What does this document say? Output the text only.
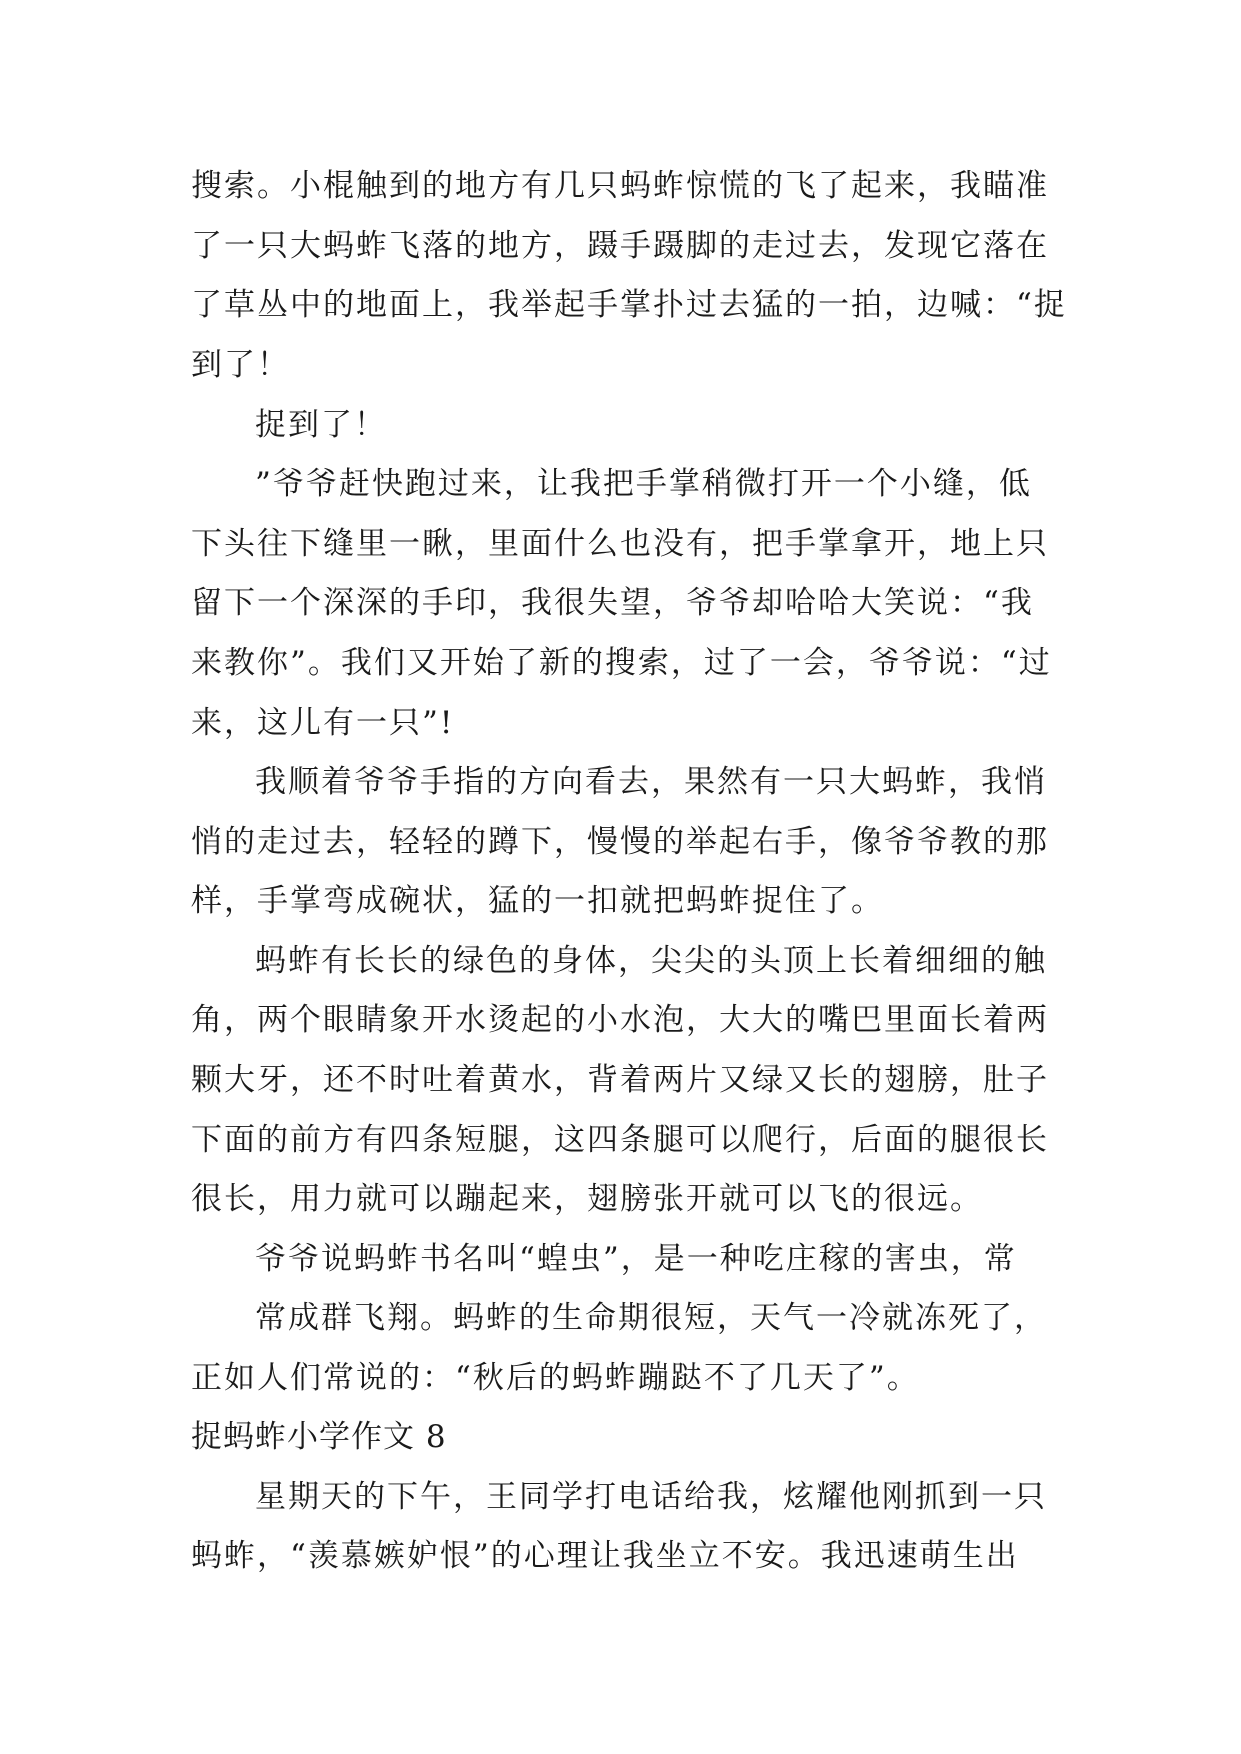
搜索。小棍触到的地方有几只蚂蚱惊慌的飞了起来，我瞄准
了一只大蚂蚱飞落的地方，蹑手蹑脚的走过去，发现它落在
了草丛中的地面上，我举起手掌扑过去猛的一拍，边喊：“捉
到了！
捉到了！
”爷爷赶快跑过来，让我把手掌稍微打开一个小缝，低
下头往下缝里一瞅，里面什么也没有，把手掌拿开，地上只
留下一个深深的手印，我很失望，爷爷却哈哈大笑说：“我
来教你”。我们又开始了新的搜索，过了一会，爷爷说：“过
来，这儿有一只”!
我顺着爷爷手指的方向看去，果然有一只大蚂蚱，我悄
悄的走过去，轻轻的蹲下，慢慢的举起右手，像爷爷教的那
样，手掌弯成碗状，猛的一扣就把蚂蚱捉住了。
蚂蚱有长长的绿色的身体，尖尖的头顶上长着细细的触
角，两个眼睛象开水烫起的小水泡，大大的嘴巴里面长着两
颗大牙，还不时吐着黄水，背着两片又绿又长的翅膀，肚子
下面的前方有四条短腿，这四条腿可以爬行，后面的腿很长
很长，用力就可以蹦起来，翅膀张开就可以飞的很远。
爷爷说蚂蚱书名叫“蝗虫”，是一种吃庄稼的害虫，常
常成群飞翔。蚂蚱的生命期很短，天气一冷就冻死了，
正如人们常说的：“秋后的蚂蚱蹦跶不了几天了”。
捉蚂蚱小学作文 8
星期天的下午，王同学打电话给我，炫耀他刚抓到一只
蚂蚱，“羡慕嫉妒恨”的心理让我坐立不安。我迅速萌生出
